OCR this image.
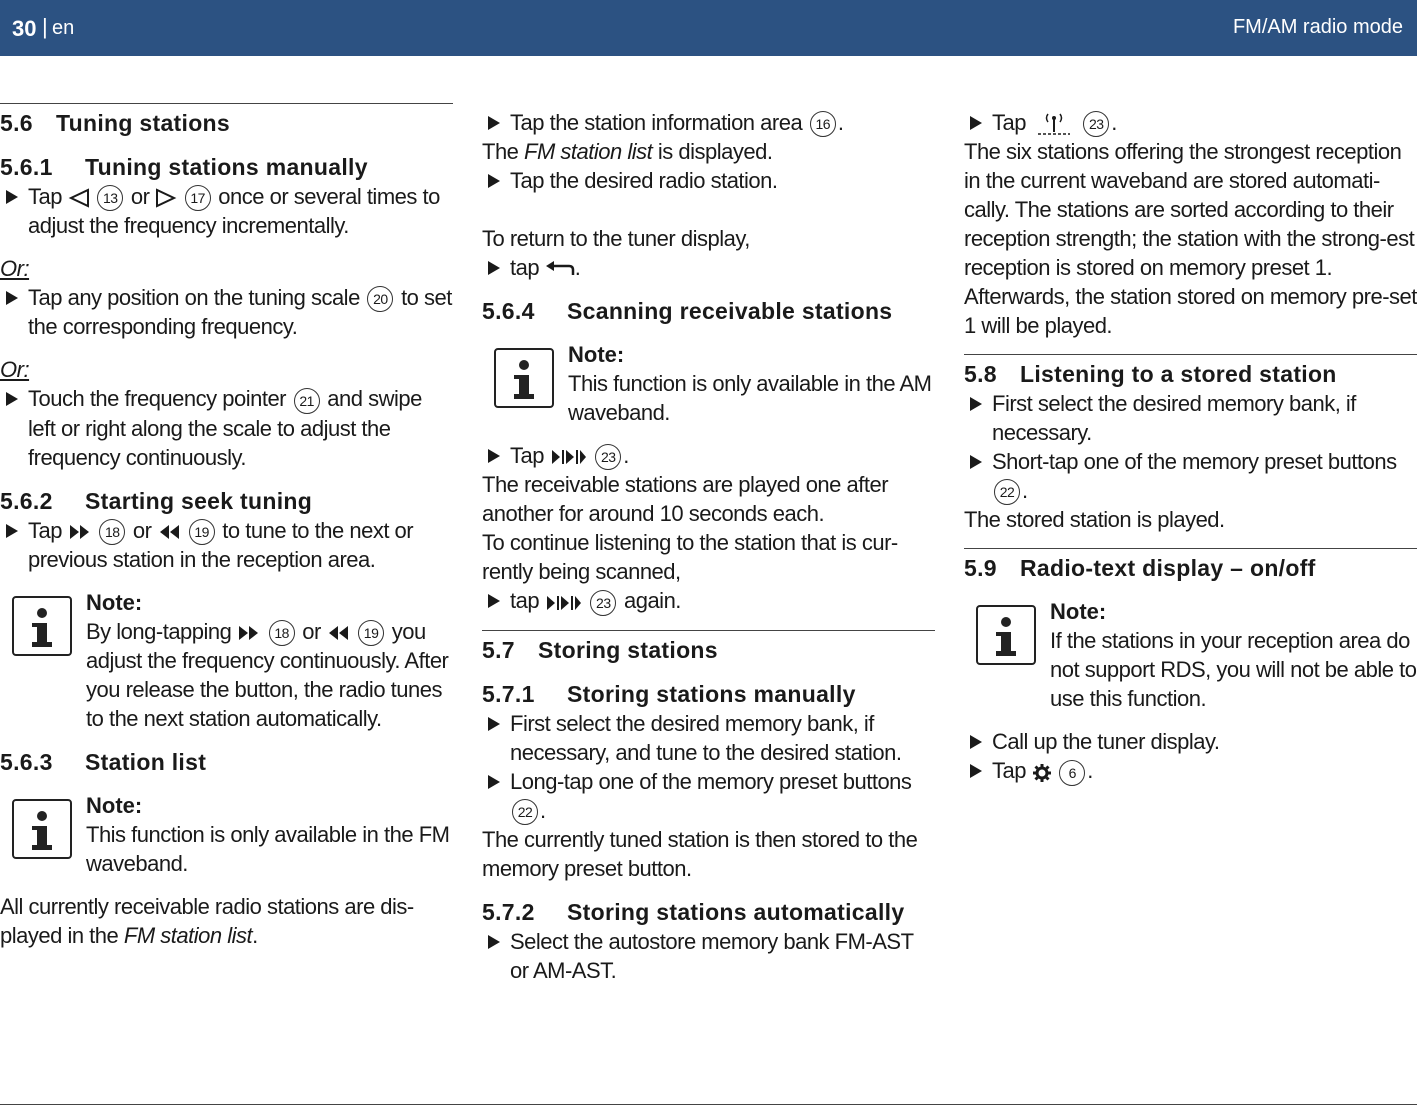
30 | en	FM/AM radio mode

5.6 Tuning stations

5.6.1 Tuning stations manually

Tap	13 or	17 once or several times to adjust the frequency incrementally.

Or:

Tap any position on the tuning scale 20 to set the corresponding frequency.

Or:

Touch the frequency pointer 21 and swipe left or right along the scale to adjust the frequency continuously.

5.6.2 Starting seek tuning

Tap	18 or	19 to tune to the next or previous station in the reception area.

Note:

By long-tapping	18 or	19 you adjust the frequency continuously. After you release the button, the radio tunes to the next station automatically.

5.6.3 Station list

Note:

This function is only available in the FM waveband.

All currently receivable radio stations are dis-played in the FM station list.

Tap the station information area 16 .

The FM station list is displayed.

Tap the desired radio station.

To return to the tuner display,

tap .

5.6.4 Scanning receivable stations

Note:

This function is only available in the AM waveband.

Tap	23 .

The receivable stations are played one after another for around 10 seconds each.

To continue listening to the station that is cur-rently being scanned,

tap	23 again.

5.7 Storing stations

5.7.1 Storing stations manually

First select the desired memory bank, if necessary, and tune to the desired station.

Long-tap one of the memory preset buttons 22 .

The currently tuned station is then stored to the memory preset button.

5.7.2 Storing stations automatically

Select the autostore memory bank FM-AST or AM-AST.

Tap	23 .

The six stations offering the strongest reception in the current waveband are stored automati-cally. The stations are sorted according to their reception strength; the station with the strong-est reception is stored on memory preset 1. Afterwards, the station stored on memory pre-set 1 will be played.

5.8 Listening to a stored station

First select the desired memory bank, if necessary.

Short-tap one of the memory preset buttons 22 .

The stored station is played.

5.9 Radio-text display – on/off

Note:

If the stations in your reception area do not support RDS, you will not be able to use this function.

Call up the tuner display.

Tap	6 .
